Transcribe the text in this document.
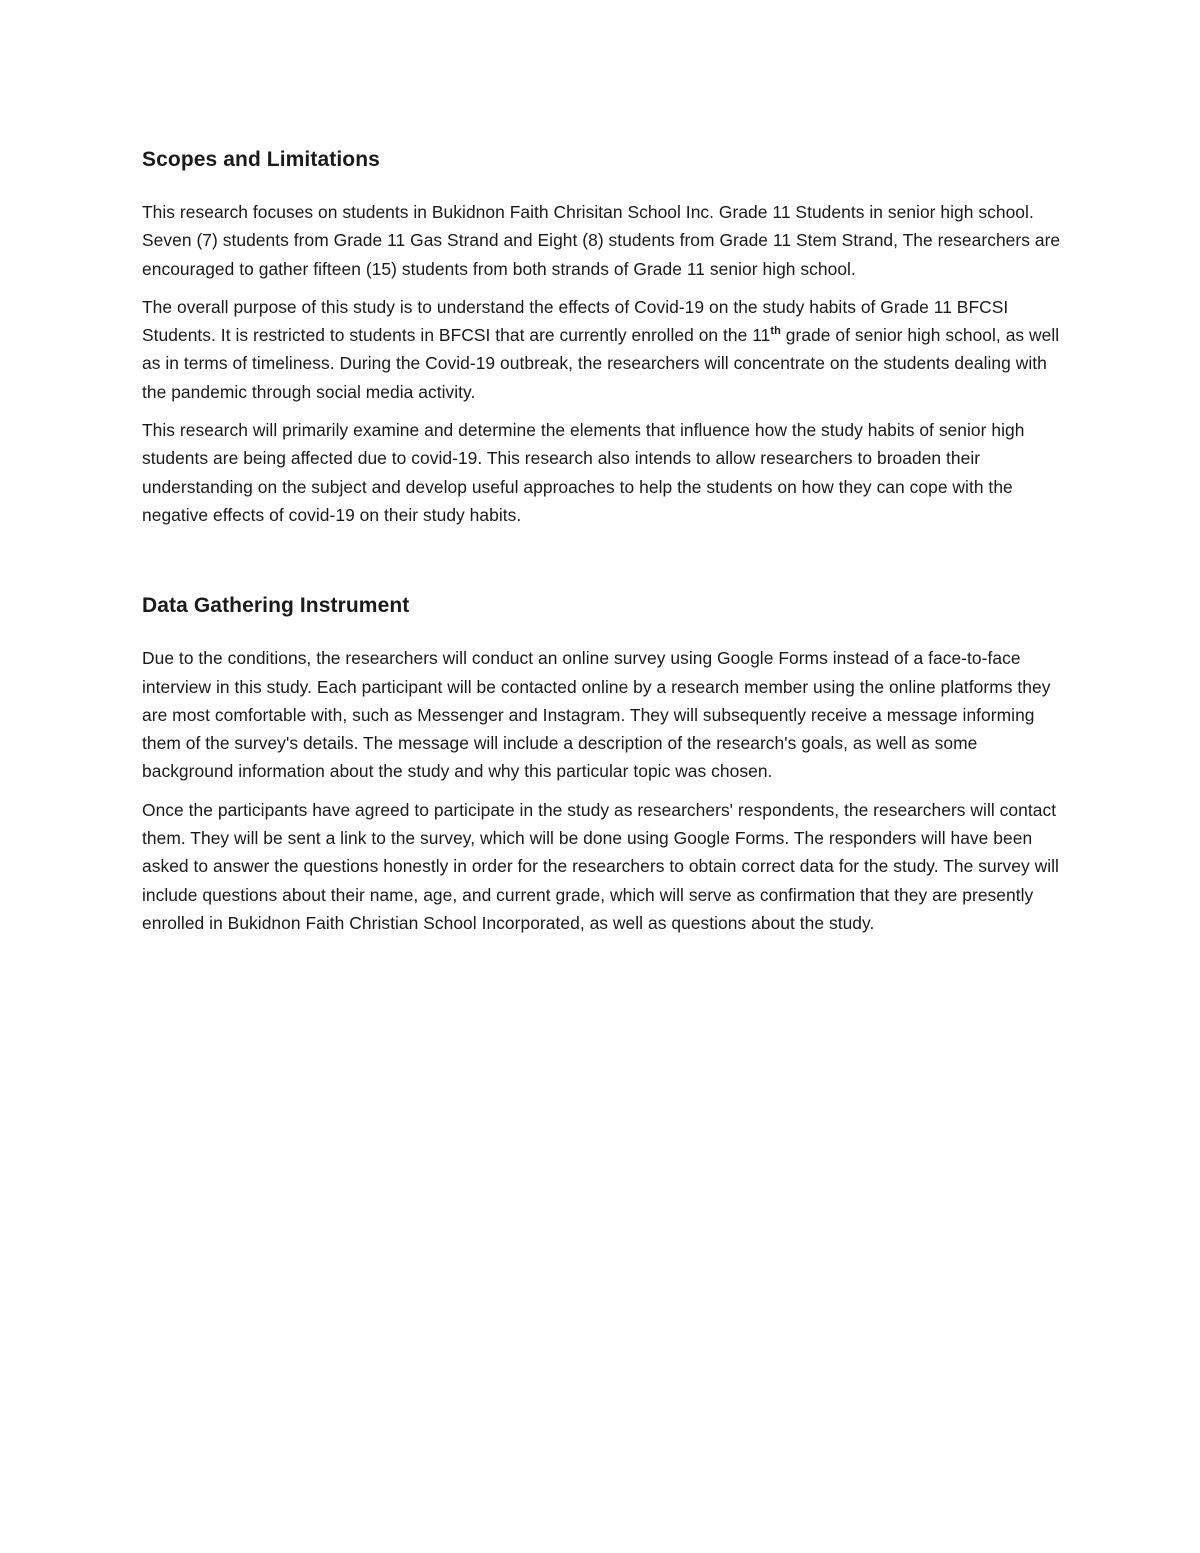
Scopes and Limitations

This research focuses on students in Bukidnon Faith Chrisitan School Inc. Grade 11 Students in senior high school. Seven (7) students from Grade 11 Gas Strand and Eight (8) students from Grade 11 Stem Strand, The researchers are encouraged to gather fifteen (15) students from both strands of Grade 11 senior high school.

The overall purpose of this study is to understand the effects of Covid-19 on the study habits of Grade 11 BFCSI Students. It is restricted to students in BFCSI that are currently enrolled on the 11th grade of senior high school, as well as in terms of timeliness. During the Covid-19 outbreak, the researchers will concentrate on the students dealing with the pandemic through social media activity.

This research will primarily examine and determine the elements that influence how the study habits of senior high students are being affected due to covid-19. This research also intends to allow researchers to broaden their understanding on the subject and develop useful approaches to help the students on how they can cope with the negative effects of covid-19 on their study habits.

Data Gathering Instrument

Due to the conditions, the researchers will conduct an online survey using Google Forms instead of a face-to-face interview in this study. Each participant will be contacted online by a research member using the online platforms they are most comfortable with, such as Messenger and Instagram. They will subsequently receive a message informing them of the survey's details. The message will include a description of the research's goals, as well as some background information about the study and why this particular topic was chosen.

Once the participants have agreed to participate in the study as researchers' respondents, the researchers will contact them. They will be sent a link to the survey, which will be done using Google Forms. The responders will have been asked to answer the questions honestly in order for the researchers to obtain correct data for the study. The survey will include questions about their name, age, and current grade, which will serve as confirmation that they are presently enrolled in Bukidnon Faith Christian School Incorporated, as well as questions about the study.
